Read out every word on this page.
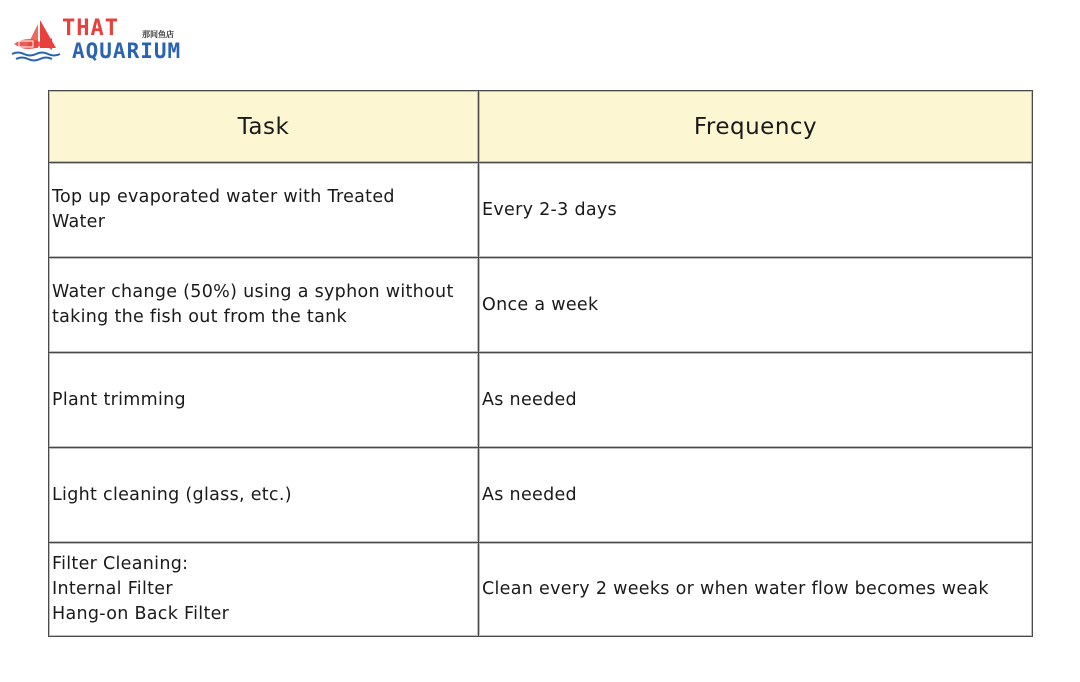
THAT	那间鱼店
AQUARIUM
Task	Frequency

Top up evaporated water with Treated
Water	Every 2-3 days

Water change (50%) using a syphon without
taking the fish out from the tank	Once a week

Plant trimming	As needed

Light cleaning (glass, etc.)	As needed

Filter Cleaning:
Internal Filter
Hang-on Back Filter	Clean every 2 weeks or when water flow becomes weak
